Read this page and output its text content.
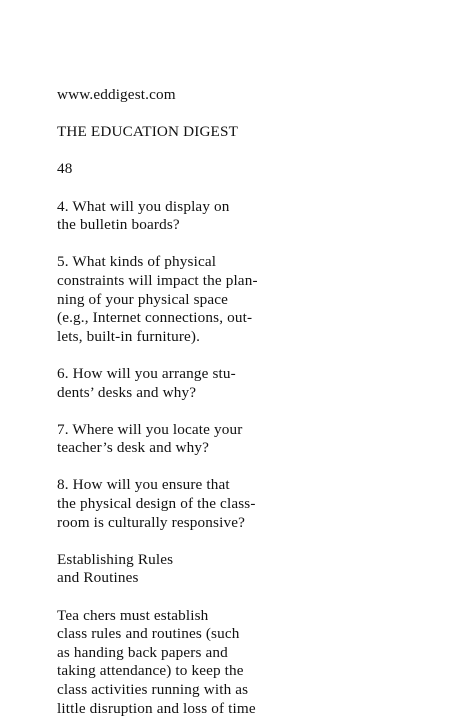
www.eddigest.com

THE EDUCATION DIGEST

48

4. What will you display on
the bulletin boards?

5. What kinds of physical
constraints will impact the plan-
ning of your physical space
(e.g., Internet connections, out-
lets, built-in furniture).

6. How will you arrange stu-
dents’ desks and why?

7. Where will you locate your
teacher’s desk and why?

8. How will you ensure that
the physical design of the class-
room is culturally responsive?

Establishing Rules
and Routines

Tea chers must establish
class rules and routines (such
as handing back papers and
taking attendance) to keep the
class activities running with as
little disruption and loss of time
